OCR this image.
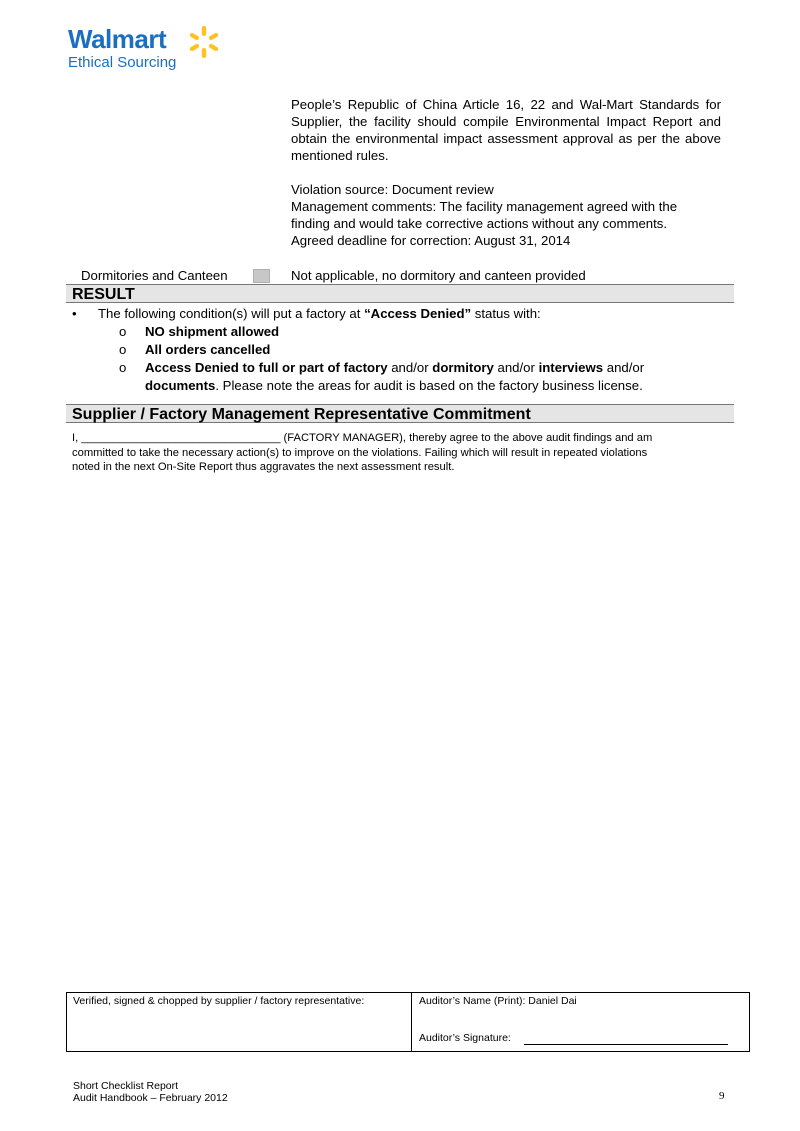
Walmart
Ethical Sourcing

People’s Republic of China Article 16, 22 and Wal-Mart Standards for Supplier, the facility should compile Environmental Impact Report and obtain the environmental impact assessment approval as per the above mentioned rules.

Violation source: Document review

Management comments: The facility management agreed with the

finding and would take corrective actions without any comments.

Agreed deadline for correction: August 31, 2014

Dormitories and Canteen	Not applicable, no dormitory and canteen provided
RESULT
• The following condition(s) will put a factory at “Access Denied” status with:
o NO shipment allowed
o All orders cancelled
o Access Denied to full or part of factory and/or dormitory and/or interviews and/or
documents. Please note the areas for audit is based on the factory business license.
Supplier / Factory Management Representative Commitment
I, ________________________________ (FACTORY MANAGER), thereby agree to the above audit findings and am
committed to take the necessary action(s) to improve on the violations. Failing which will result in repeated violations
noted in the next On-Site Report thus aggravates the next assessment result.
Verified, signed & chopped by supplier / factory representative:	Auditor’s Name (Print): Daniel Dai
Auditor’s Signature:
Short Checklist Report
Audit Handbook – February 2012	9
